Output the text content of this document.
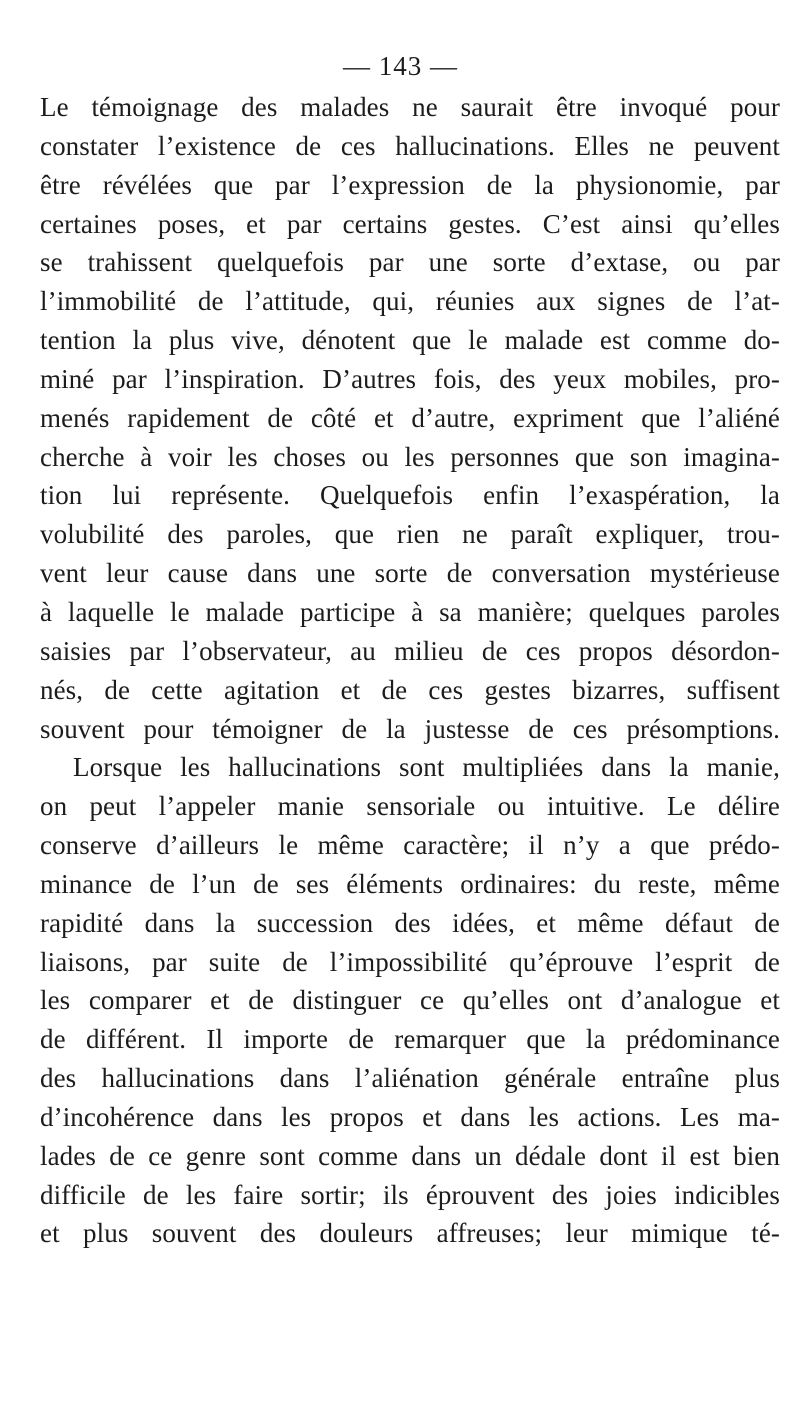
— 143 —
Le témoignage des malades ne saurait être invoqué pour
constater l’existence de ces hallucinations. Elles ne peuvent
être révélées que par l’expression de la physionomie, par
certaines poses, et par certains gestes. C’est ainsi qu’elles
se trahissent quelquefois par une sorte d’extase, ou par
l’immobilité de l’attitude, qui, réunies aux signes de l’at-
tention la plus vive, dénotent que le malade est comme do-
miné par l’inspiration. D’autres fois, des yeux mobiles, pro-
menés rapidement de côté et d’autre, expriment que l’aliéné
cherche à voir les choses ou les personnes que son imagina-
tion lui représente. Quelquefois enfin l’exaspération, la
volubilité des paroles, que rien ne paraît expliquer, trou-
vent leur cause dans une sorte de conversation mystérieuse
à laquelle le malade participe à sa manière; quelques paroles
saisies par l’observateur, au milieu de ces propos désordon-
nés, de cette agitation et de ces gestes bizarres, suffisent
souvent pour témoigner de la justesse de ces présomptions.
Lorsque les hallucinations sont multipliées dans la manie,
on peut l’appeler manie sensoriale ou intuitive. Le délire
conserve d’ailleurs le même caractère; il n’y a que prédo-
minance de l’un de ses éléments ordinaires: du reste, même
rapidité dans la succession des idées, et même défaut de
liaisons, par suite de l’impossibilité qu’éprouve l’esprit de
les comparer et de distinguer ce qu’elles ont d’analogue et
de différent. Il importe de remarquer que la prédominance
des hallucinations dans l’aliénation générale entraîne plus
d’incohérence dans les propos et dans les actions. Les ma-
lades de ce genre sont comme dans un dédale dont il est bien
difficile de les faire sortir; ils éprouvent des joies indicibles
et plus souvent des douleurs affreuses; leur mimique té-
